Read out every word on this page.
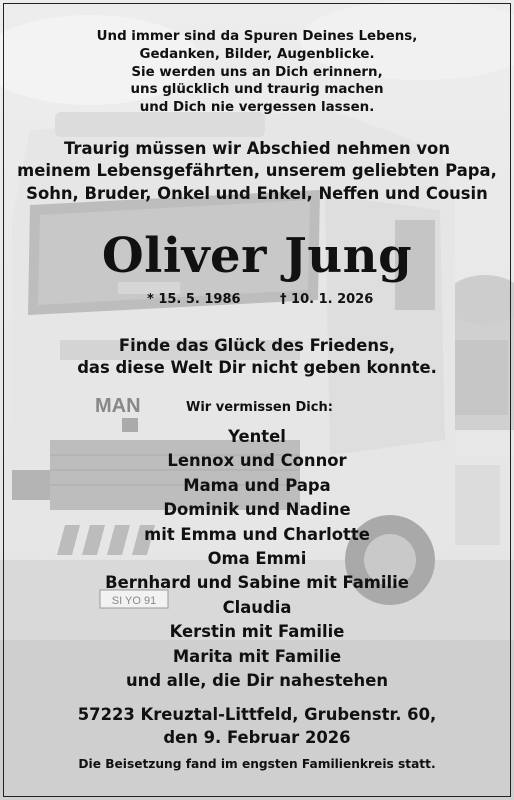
MAN
SI YO 91
Und immer sind da Spuren Deines Lebens,
Gedanken, Bilder, Augenblicke.
Sie werden uns an Dich erinnern,
uns glücklich und traurig machen
und Dich nie vergessen lassen.
Traurig müssen wir Abschied nehmen von
meinem Lebensgefährten, unserem geliebten Papa,
Sohn, Bruder, Onkel und Enkel, Neffen und Cousin
Oliver Jung
* 15. 5. 1986	† 10. 1. 2026
Finde das Glück des Friedens,
das diese Welt Dir nicht geben konnte.
Wir vermissen Dich:
Yentel
Lennox und Connor
Mama und Papa
Dominik und Nadine
mit Emma und Charlotte
Oma Emmi
Bernhard und Sabine mit Familie
Claudia
Kerstin mit Familie
Marita mit Familie
und alle, die Dir nahestehen
57223 Kreuztal-Littfeld, Grubenstr. 60,
den 9. Februar 2026
Die Beisetzung fand im engsten Familienkreis statt.
